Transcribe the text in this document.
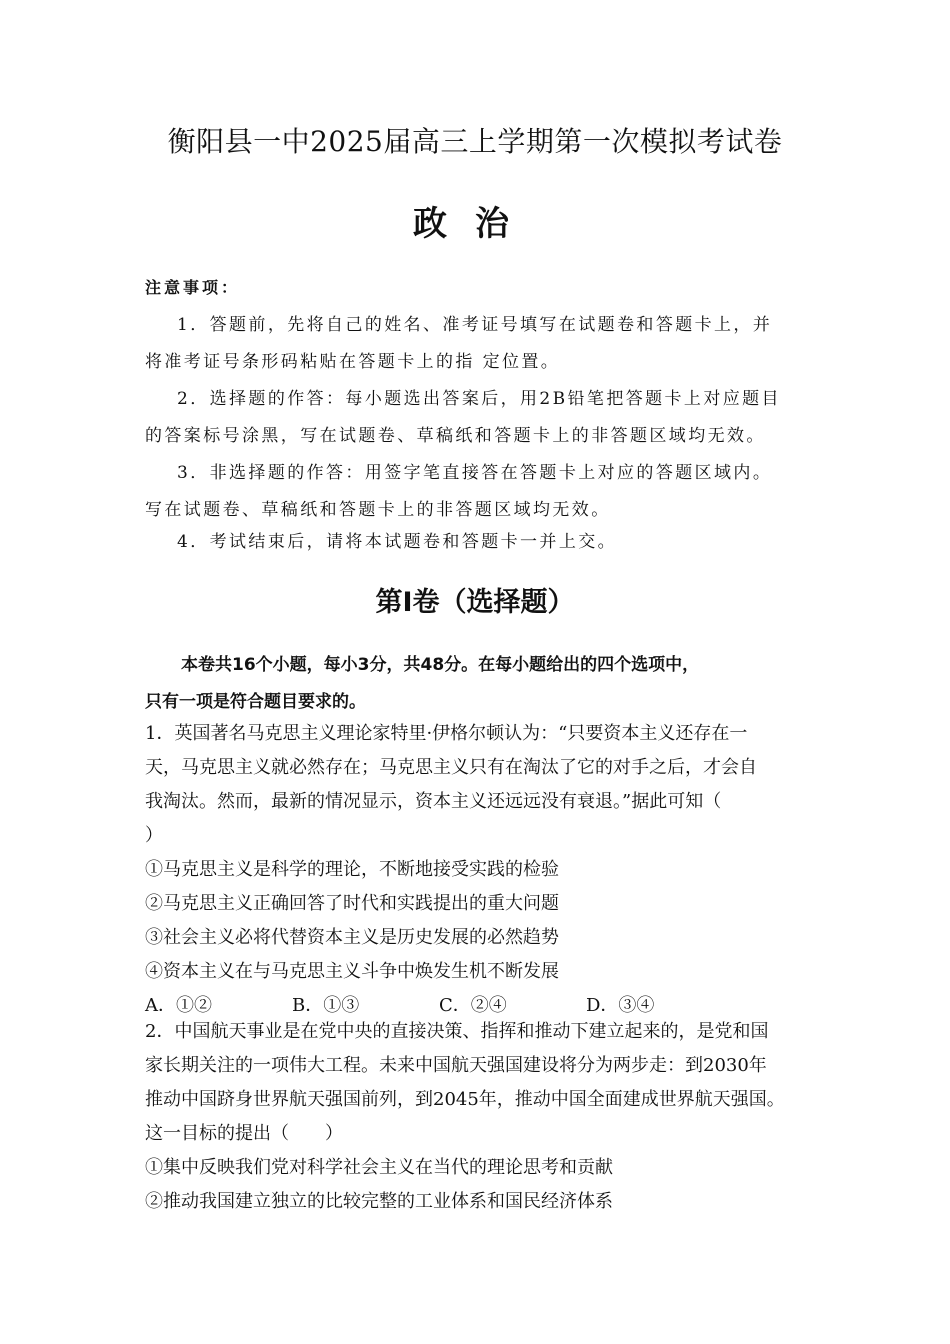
衡阳县一中2025届高三上学期第一次模拟考试卷
政治
注意事项：

1．答题前，先将自己的姓名、准考证号填写在试题卷和答题卡上，并

将准考证号条形码粘贴在答题卡上的指 定位置。

2．选择题的作答：每小题选出答案后，用2B铅笔把答题卡上对应题目

的答案标号涂黑，写在试题卷、草稿纸和答题卡上的非答题区域均无效。

3．非选择题的作答：用签字笔直接答在答题卡上对应的答题区域内。

写在试题卷、草稿纸和答题卡上的非答题区域均无效。

4．考试结束后，请将本试题卷和答题卡一并上交。

第Ⅰ卷（选择题）

本卷共16个小题，每小3分，共48分。在每小题给出的四个选项中，

只有一项是符合题目要求的。

1．英国著名马克思主义理论家特里·伊格尔顿认为：“只要资本主义还存在一

天，马克思主义就必然存在；马克思主义只有在淘汰了它的对手之后，才会自

我淘汰。然而，最新的情况显示，资本主义还远远没有衰退。”据此可知（

）

①马克思主义是科学的理论，不断地接受实践的检验

②马克思主义正确回答了时代和实践提出的重大问题

③社会主义必将代替资本主义是历史发展的必然趋势

④资本主义在与马克思主义斗争中焕发生机不断发展

A．①②	B．①③	C．②④	D．③④

2．中国航天事业是在党中央的直接决策、指挥和推动下建立起来的，是党和国

家长期关注的一项伟大工程。未来中国航天强国建设将分为两步走：到2030年

推动中国跻身世界航天强国前列，到2045年，推动中国全面建成世界航天强国。

这一目标的提出（　　）

①集中反映我们党对科学社会主义在当代的理论思考和贡献

②推动我国建立独立的比较完整的工业体系和国民经济体系
